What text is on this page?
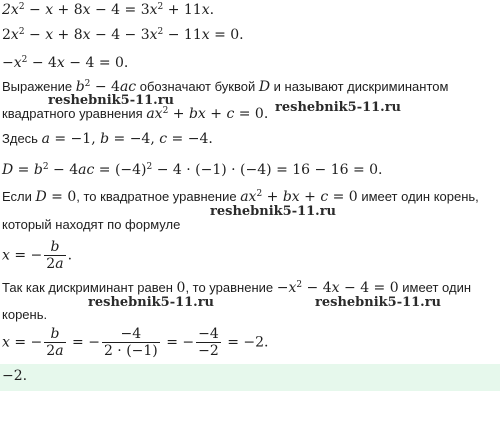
$2x^2 - x + 8x - 4 = 3x^2 + 11x$.
$2x^2 - x + 8x - 4 - 3x^2 - 11x = 0$.
$-x^2 - 4x - 4 = 0$.
Выражение $b^2 - 4ac$ обозначают буквой D и называют дискриминантом
reshebnik5-11.ru
квадратного уравнения $ax^2$ + bx + c = 0. reshebnik5-11.ru
Здесь a = −1, b = −4, c = −4.
$D = b^2 - 4ac = (-4)^2 - 4 \cdot (-1) \cdot (-4) = 16 - 16 = 0$.
Если D = 0, то квадратное уравнение $ax^2$ + bx + c = 0 имеет один корень,
reshebnik5-11.ru
который находят по формуле
x = − $\frac{b}{2a}$ .
Так как дискриминант равен 0, то уравнение $-x^2 - 4x - 4 = 0$ имеет один
reshebnik5-11.ru	reshebnik5-11.ru
корень.
x = − $\frac{b}{2a}$ = − $\frac{-4}{2 \cdot (-1)}$ = − $\frac{-4}{-2} = -2$.
−2.
